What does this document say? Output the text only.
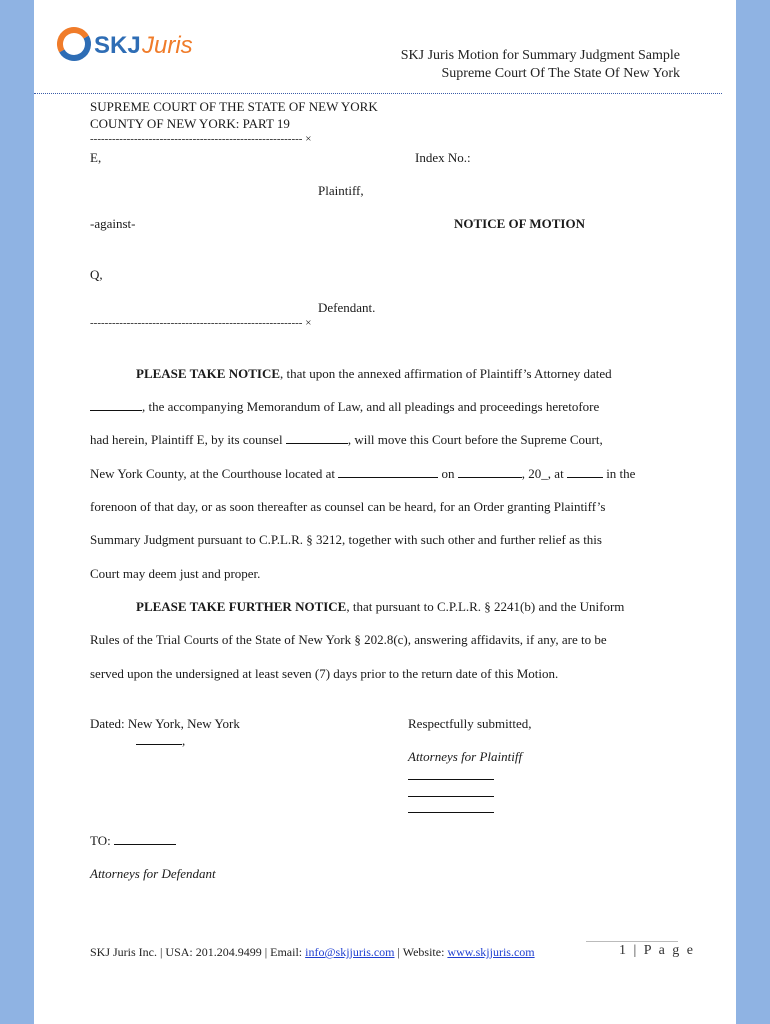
SKJ Juris	SKJ Juris Motion for Summary Judgment Sample
Supreme Court Of The State Of New York
SUPREME COURT OF THE STATE OF NEW YORK
COUNTY OF NEW YORK: PART 19
---------------------------------------------------------- ×
E,	Index No.:
Plaintiff,
-against-	NOTICE OF MOTION
Q,
Defendant.
---------------------------------------------------------- ×
PLEASE TAKE NOTICE, that upon the annexed affirmation of Plaintiff’s Attorney dated
, the accompanying Memorandum of Law, and all pleadings and proceedings heretofore
had herein, Plaintiff E, by its counsel	, will move this Court before the Supreme Court,
New York County, at the Courthouse located at	on	, 20_, at	in the
forenoon of that day, or as soon thereafter as counsel can be heard, for an Order granting Plaintiff’s
Summary Judgment pursuant to C.P.L.R. § 3212, together with such other and further relief as this
Court may deem just and proper.
PLEASE TAKE FURTHER NOTICE, that pursuant to C.P.L.R. § 2241(b) and the Uniform
Rules of the Trial Courts of the State of New York § 202.8(c), answering affidavits, if any, are to be
served upon the undersigned at least seven (7) days prior to the return date of this Motion.
Dated: New York, New York
,
Respectfully submitted,
Attorneys for Plaintiff
TO:
Attorneys for Defendant
SKJ Juris Inc. | USA: 201.204.9499 | Email: info@skjjuris.com | Website: www.skjjuris.com	1 | P a g e
